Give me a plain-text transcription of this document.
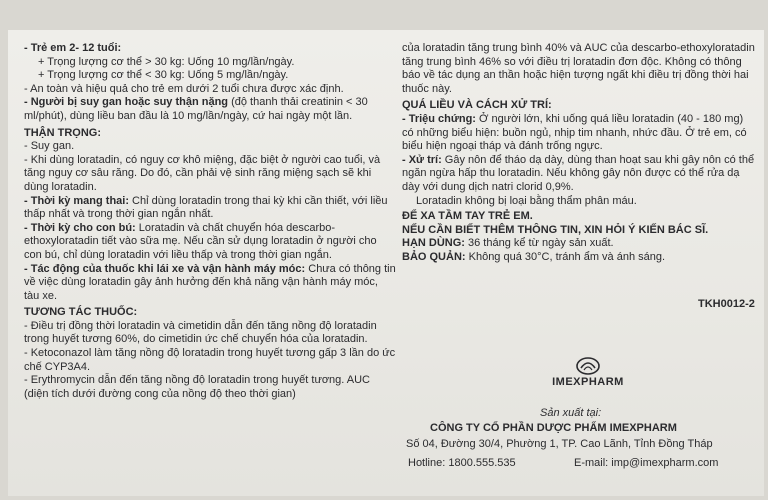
- Trẻ em 2- 12 tuổi:

+ Trọng lượng cơ thể > 30 kg: Uống 10 mg/lần/ngày.

+ Trọng lượng cơ thể < 30 kg: Uống 5 mg/lần/ngày.

- An toàn và hiệu quả cho trẻ em dưới 2 tuổi chưa được xác định.

- Người bị suy gan hoặc suy thận nặng (độ thanh thải creatinin < 30 ml/phút), dùng liều ban đầu là 10 mg/lần/ngày, cứ hai ngày một lần.

THẬN TRỌNG:

- Suy gan.

- Khi dùng loratadin, có nguy cơ khô miệng, đặc biệt ở người cao tuổi, và tăng nguy cơ sâu răng. Do đó, cần phải vệ sinh răng miệng sạch sẽ khi dùng loratadin.

- Thời kỳ mang thai: Chỉ dùng loratadin trong thai kỳ khi cần thiết, với liều thấp nhất và trong thời gian ngắn nhất.

- Thời kỳ cho con bú: Loratadin và chất chuyển hóa descarbo-ethoxyloratadin tiết vào sữa mẹ. Nếu cần sử dụng loratadin ở người cho con bú, chỉ dùng loratadin với liều thấp và trong thời gian ngắn.

- Tác động của thuốc khi lái xe và vận hành máy móc: Chưa có thông tin về việc dùng loratadin gây ảnh hưởng đến khả năng vận hành máy móc, tàu xe.

TƯƠNG TÁC THUỐC:

- Điều trị đồng thời loratadin và cimetidin dẫn đến tăng nồng độ loratadin trong huyết tương 60%, do cimetidin ức chế chuyển hóa của loratadin.

- Ketoconazol làm tăng nồng độ loratadin trong huyết tương gấp 3 lần do ức chế CYP3A4.

- Erythromycin dẫn đến tăng nồng độ loratadin trong huyết tương. AUC (diện tích dưới đường cong của nồng độ theo thời gian)

của loratadin tăng trung bình 40% và AUC của descarbo-ethoxyloratadin tăng trung bình 46% so với điều trị loratadin đơn độc. Không có thông báo về tác dụng an thần hoặc hiện tượng ngất khi điều trị đồng thời hai thuốc này.

QUÁ LIỀU VÀ CÁCH XỬ TRÍ:

- Triệu chứng: Ở người lớn, khi uống quá liều loratadin (40 - 180 mg) có những biểu hiện: buồn ngủ, nhịp tim nhanh, nhức đầu. Ở trẻ em, có biểu hiện ngoại tháp và đánh trống ngực.

- Xử trí: Gây nôn để tháo dạ dày, dùng than hoạt sau khi gây nôn có thể ngăn ngừa hấp thu loratadin. Nếu không gây nôn được có thể rửa dạ dày với dung dịch natri clorid 0,9%.

Loratadin không bị loại bằng thẩm phân máu.

ĐỂ XA TẦM TAY TRẺ EM.

NẾU CẦN BIẾT THÊM THÔNG TIN, XIN HỎI Ý KIẾN BÁC SĨ.

HẠN DÙNG: 36 tháng kể từ ngày sản xuất.

BẢO QUẢN: Không quá 30°C, tránh ẩm và ánh sáng.

TKH0012-2
IMEXPHARM
Sản xuất tại:
CÔNG TY CỔ PHẦN DƯỢC PHẨM IMEXPHARM
Số 04, Đường 30/4, Phường 1, TP. Cao Lãnh, Tỉnh Đồng Tháp
Hotline: 1800.555.535	E-mail: imp@imexpharm.com
